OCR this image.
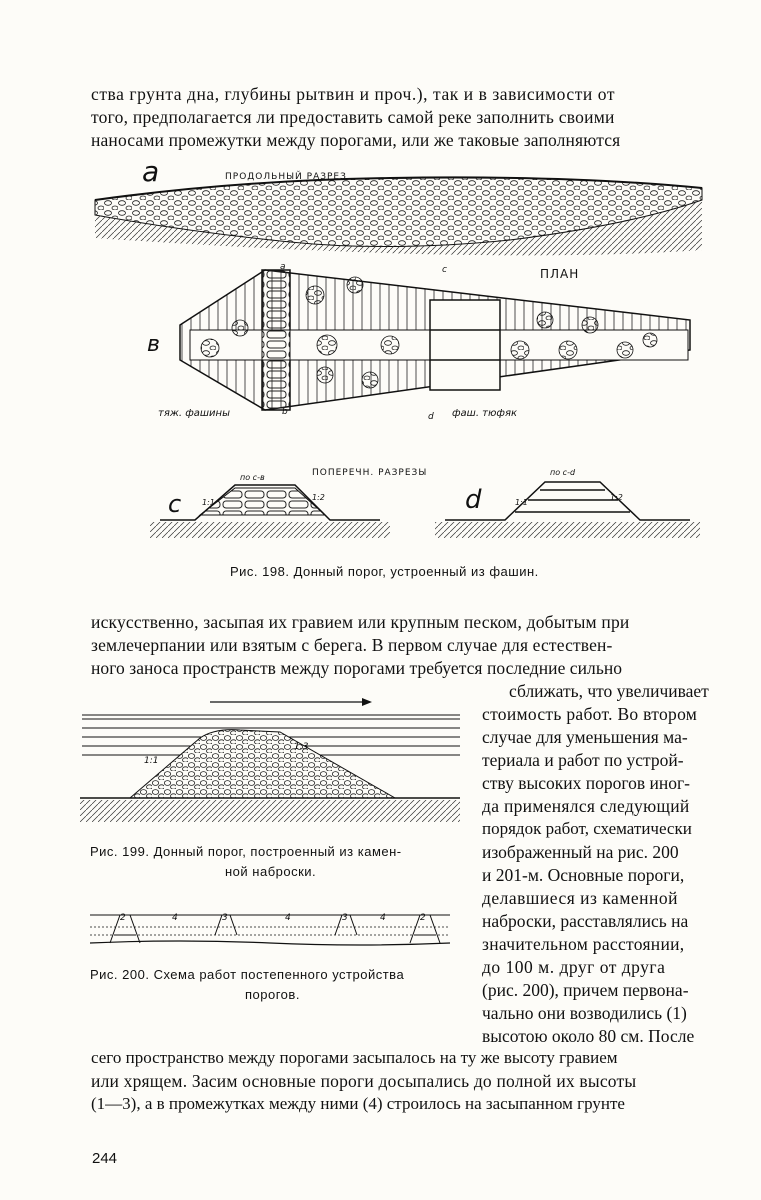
ства грунта дна, глубины рытвин и проч.), так и в зависимости от
того, предполагается ли предоставить самой реке заполнить своими
наносами промежутки между порогами, или же таковые заполняются
a	ПРОДОЛЬНЫЙ РАЗРЕЗ
ПЛАН
в
c	d
ПОПЕРЕЧН. РАЗРЕЗЫ
a
b
c
d
тяж. фашины	фаш. тюфяк
по с-в
по с-d
1:1
1:2
1:1
1:2
Рис. 198. Донный порог, устроенный из фашин.
искусственно, засыпая их гравием или крупным песком, добытым при
землечерпании или взятым с берега. В первом случае для естествен-
ного заноса пространств между порогами требуется последние сильно
сближать, что увеличивает
стоимость работ. Во втором
случае для уменьшения ма-
териала и работ по устрой-
ству высоких порогов иног-
да применялся следующий
порядок работ, схематически
изображенный на рис. 200
и 201-м. Основные пороги,
делавшиеся из каменной
наброски, расставлялись на
значительном расстоянии,
до 100 м. друг от друга
(рис. 200), причем первона-
чально они возводились (1)
высотою около 80 см. После
1:1
1:3
Рис. 199. Донный порог, построенный из камен-
ной наброски.
2	4	3	4	3	4	2
Рис. 200. Схема работ постепенного устройства
порогов.
сего пространство между порогами засыпалось на ту же высоту гравием
или хрящем. Засим основные пороги досыпались до полной их высоты
(1—3), а в промежутках между ними (4) строилось на засыпанном грунте
244
